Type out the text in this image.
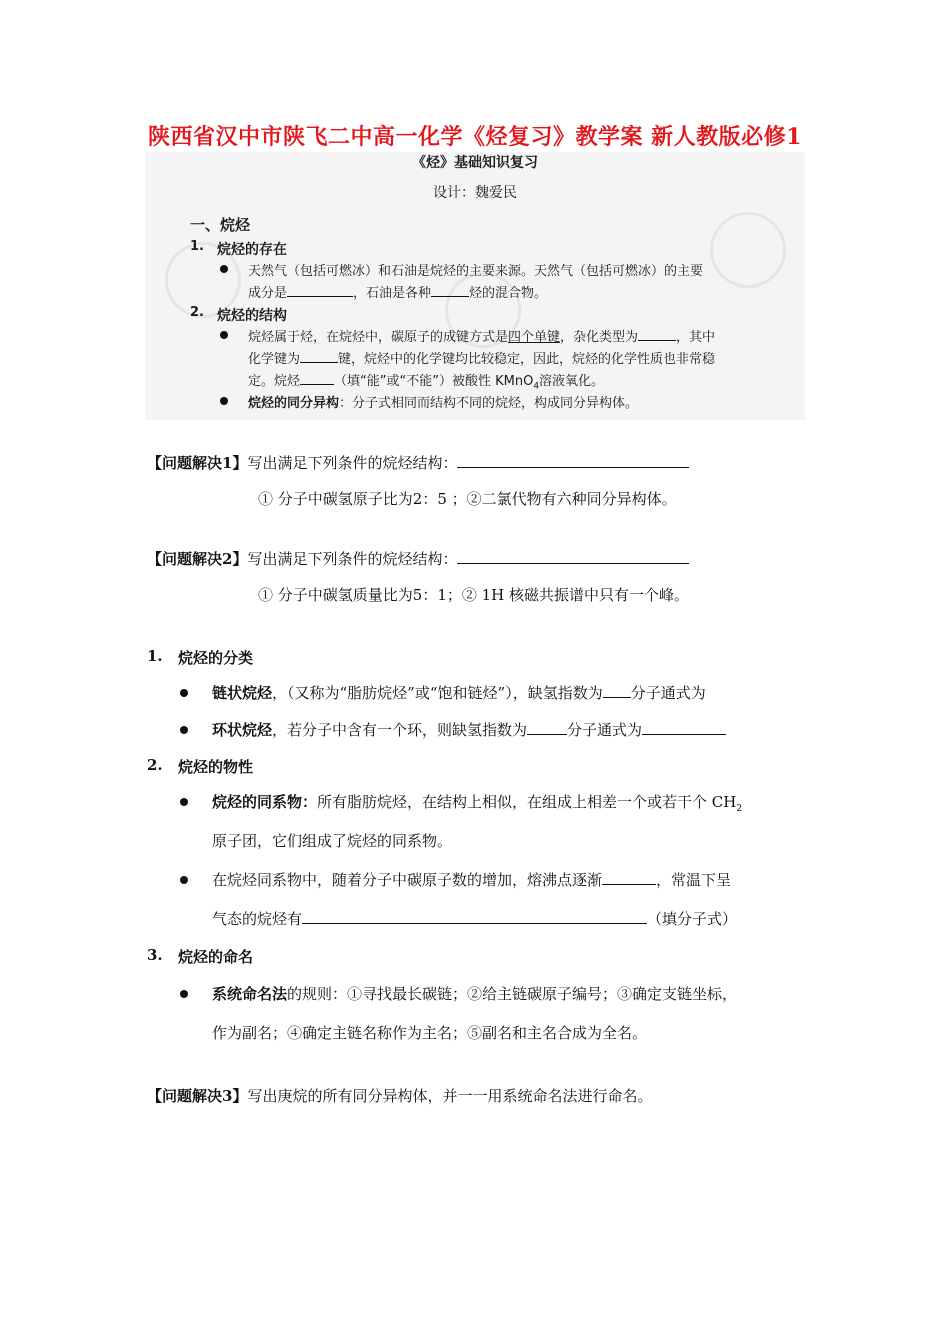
陕西省汉中市陕飞二中高一化学《烃复习》教学案 新人教版必修1
《烃》基础知识复习
设计：魏爱民
一、烷烃
1. 烷烃的存在
天然气（包括可燃冰）和石油是烷烃的主要来源。天然气（包括可燃冰）的主要
成分是	，石油是各种	烃的混合物。
2. 烷烃的结构
烷烃属于烃，在烷烃中，碳原子的成键方式是四个单键，杂化类型为	，其中
化学键为	键，烷烃中的化学键均比较稳定，因此，烷烃的化学性质也非常稳
定。烷烃	（填“能”或“不能”）被酸性 KMnO$_4$溶液氧化。
烷烃的同分异构：分子式相同而结构不同的烷烃，构成同分异构体。
【问题解决1】写出满足下列条件的烷烃结构：
① 分子中碳氢原子比为2：5 ；②二氯代物有六种同分异构体。
【问题解决2】写出满足下列条件的烷烃结构：
① 分子中碳氢质量比为5：1；② 1H 核磁共振谱中只有一个峰。
1. 烷烃的分类
链状烷烃，（又称为“脂肪烷烃”或“饱和链烃”），缺氢指数为 分子通式为
环状烷烃，若分子中含有一个环，则缺氢指数为	分子通式为
2. 烷烃的物性
烷烃的同系物：所有脂肪烷烃，在结构上相似，在组成上相差一个或若干个 $CH_2$
原子团，它们组成了烷烃的同系物。
在烷烃同系物中，随着分子中碳原子数的增加，熔沸点逐渐	，常温下呈
气态的烷烃有	（填分子式）
3. 烷烃的命名
系统命名法的规则：①寻找最长碳链；②给主链碳原子编号；③确定支链坐标，
作为副名；④确定主链名称作为主名；⑤副名和主名合成为全名。
【问题解决3】写出庚烷的所有同分异构体，并一一用系统命名法进行命名。
